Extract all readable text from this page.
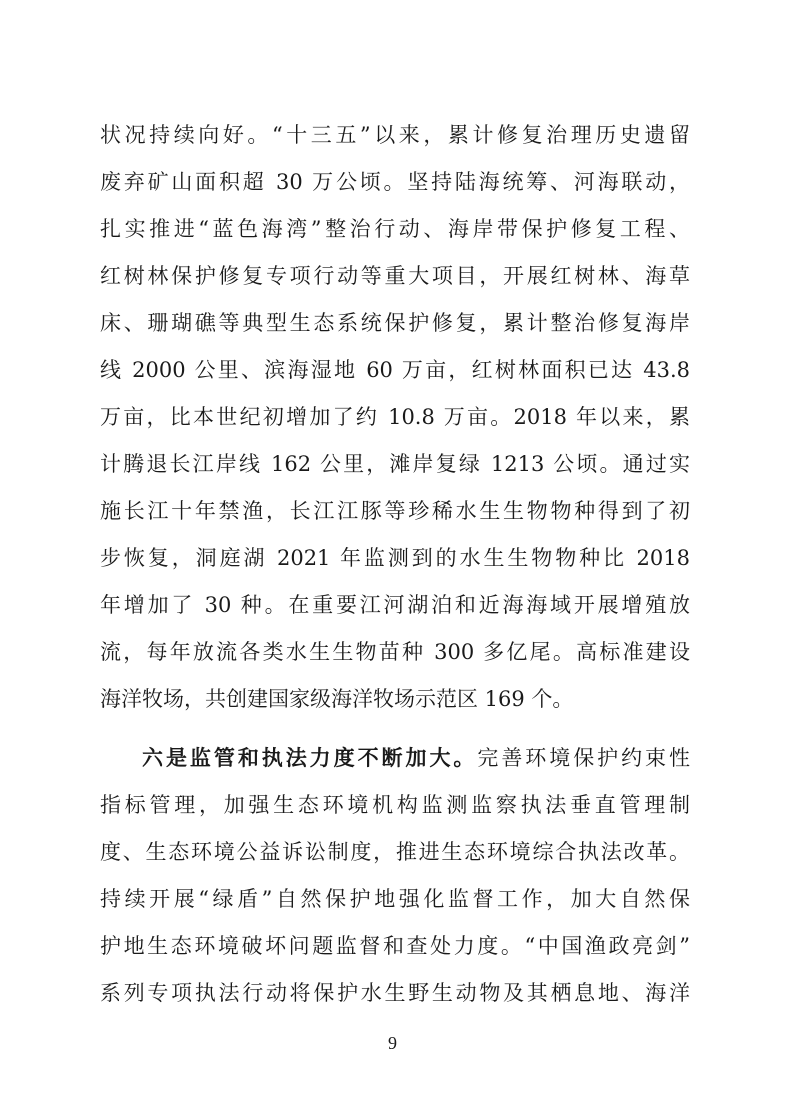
状况持续向好。“十三五”以来，累计修复治理历史遗留
废弃矿山面积超 30 万公顷。坚持陆海统筹、河海联动，
扎实推进“蓝色海湾”整治行动、海岸带保护修复工程、
红树林保护修复专项行动等重大项目，开展红树林、海草
床、珊瑚礁等典型生态系统保护修复，累计整治修复海岸
线 2000 公里、滨海湿地 60 万亩，红树林面积已达 43.8
万亩，比本世纪初增加了约 10.8 万亩。2018 年以来，累
计腾退长江岸线 162 公里，滩岸复绿 1213 公顷。通过实
施长江十年禁渔，长江江豚等珍稀水生生物物种得到了初
步恢复，洞庭湖 2021 年监测到的水生生物物种比 2018
年增加了 30 种。在重要江河湖泊和近海海域开展增殖放
流，每年放流各类水生生物苗种 300 多亿尾。高标准建设
海洋牧场，共创建国家级海洋牧场示范区 169 个。
六是监管和执法力度不断加大。完善环境保护约束性
指标管理，加强生态环境机构监测监察执法垂直管理制
度、生态环境公益诉讼制度，推进生态环境综合执法改革。
持续开展“绿盾”自然保护地强化监督工作，加大自然保
护地生态环境破坏问题监督和查处力度。“中国渔政亮剑”
系列专项执法行动将保护水生野生动物及其栖息地、海洋
9
